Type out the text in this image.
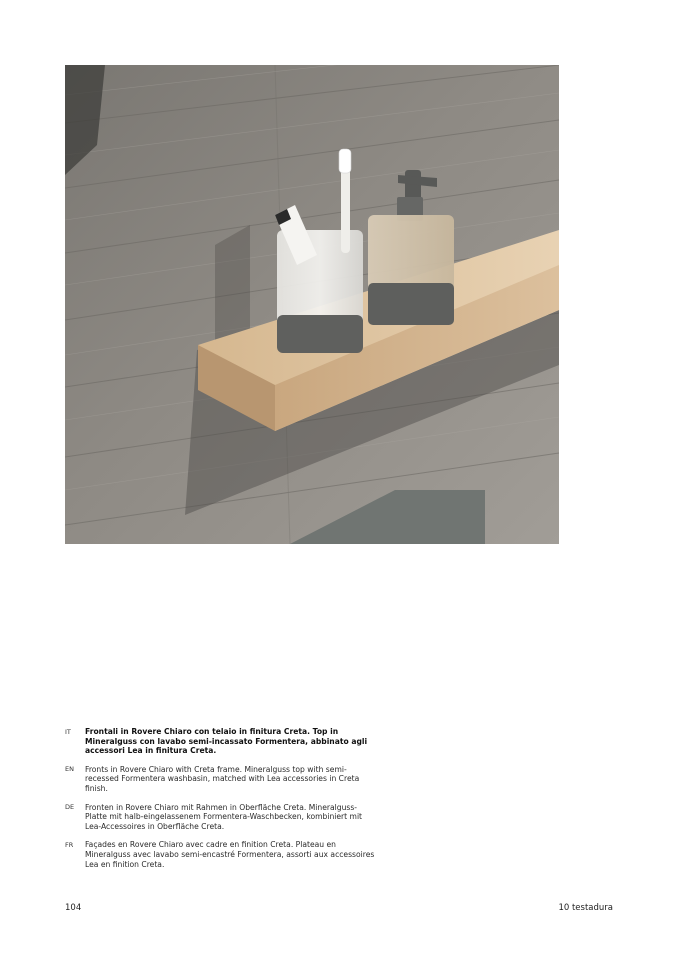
IT	Frontali in Rovere Chiaro con telaio in finitura Creta. Top in Mineralguss con lavabo semi-incassato Formentera, abbinato agli accessori Lea in finitura Creta.
EN	Fronts in Rovere Chiaro with Creta frame. Mineralguss top with semi-recessed Formentera washbasin, matched with Lea accessories in Creta finish.
DE	Fronten in Rovere Chiaro mit Rahmen in Oberfläche Creta. Mineralguss-Platte mit halb-eingelassenem Formentera-Waschbecken, kombiniert mit Lea-Accessoires in Oberfläche Creta.
FR	Façades en Rovere Chiaro avec cadre en finition Creta. Plateau en Mineralguss avec lavabo semi-encastré Formentera, assorti aux accessoires Lea en finition Creta.
104	10 testadura
